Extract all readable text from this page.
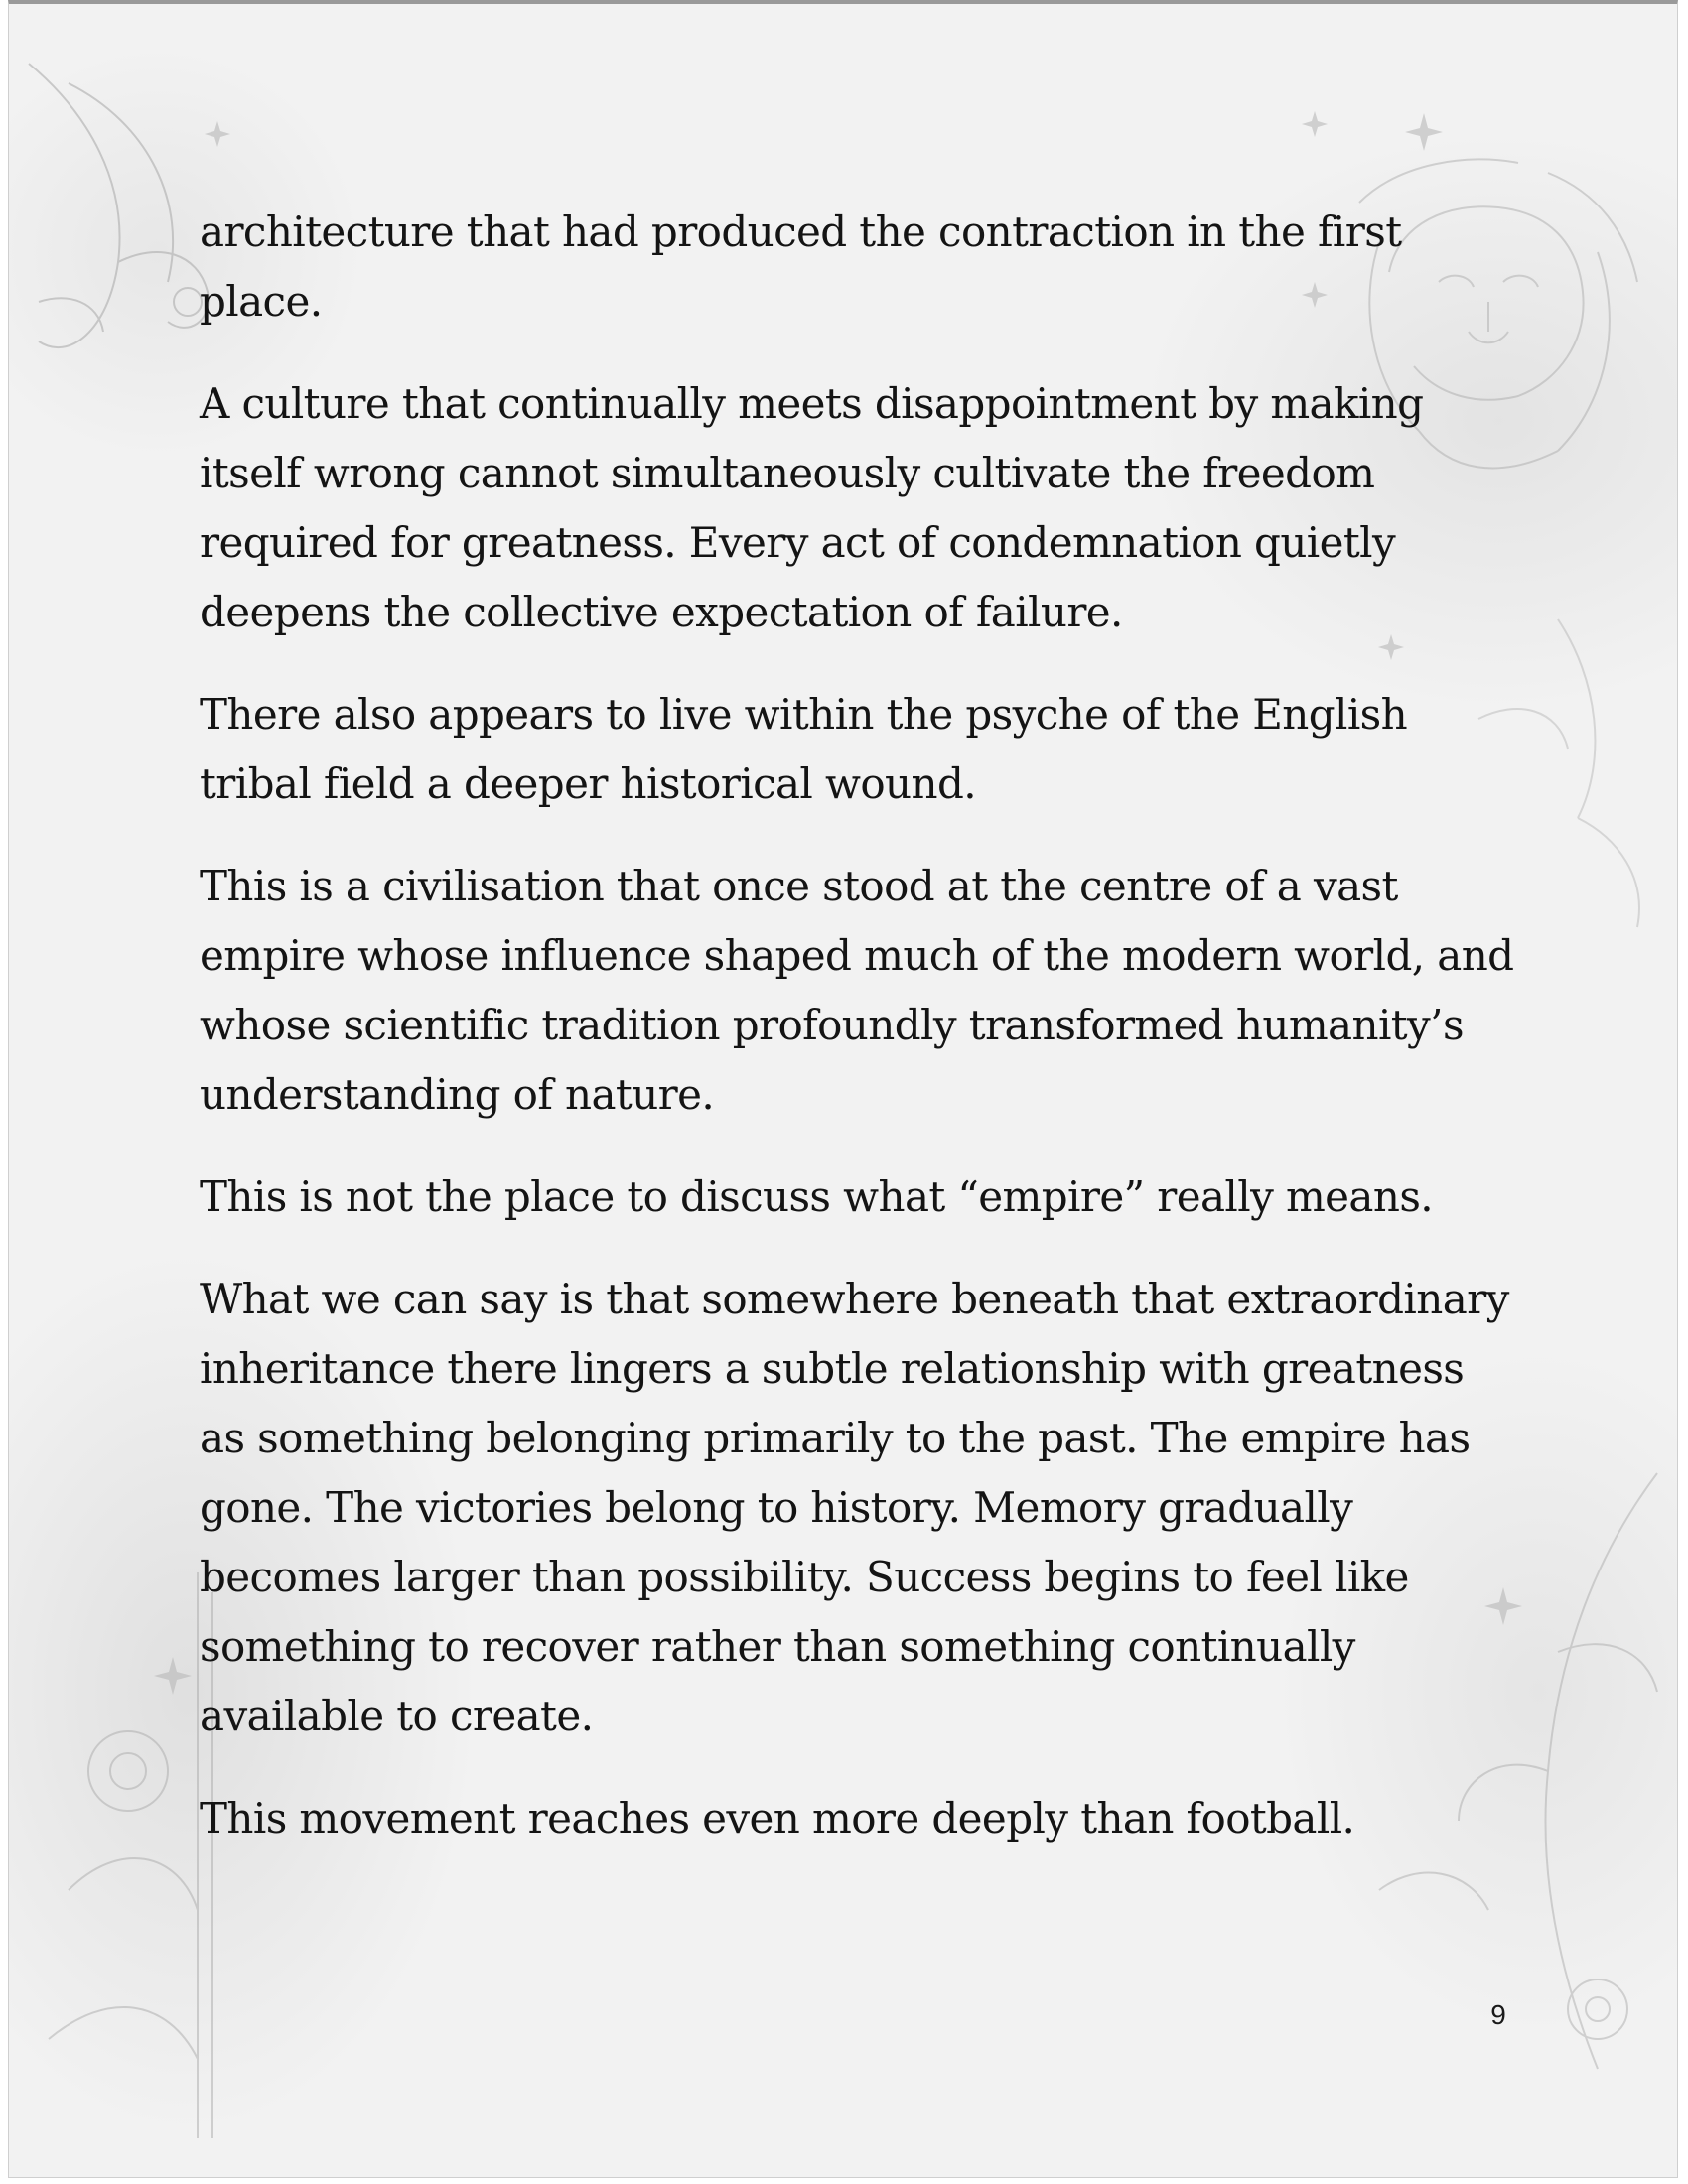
architecture that had produced the contraction in the first place.

A culture that continually meets disappointment by making itself wrong cannot simultaneously cultivate the freedom required for greatness. Every act of condemnation quietly deepens the collective expectation of failure.

There also appears to live within the psyche of the English tribal field a deeper historical wound.

This is a civilisation that once stood at the centre of a vast empire whose influence shaped much of the modern world, and whose scientific tradition profoundly transformed humanity’s understanding of nature.

This is not the place to discuss what “empire” really means.

What we can say is that somewhere beneath that extraordinary inheritance there lingers a subtle relationship with greatness as something belonging primarily to the past. The empire has gone. The victories belong to history. Memory gradually becomes larger than possibility. Success begins to feel like something to recover rather than something continually available to create.

This movement reaches even more deeply than football.

9
